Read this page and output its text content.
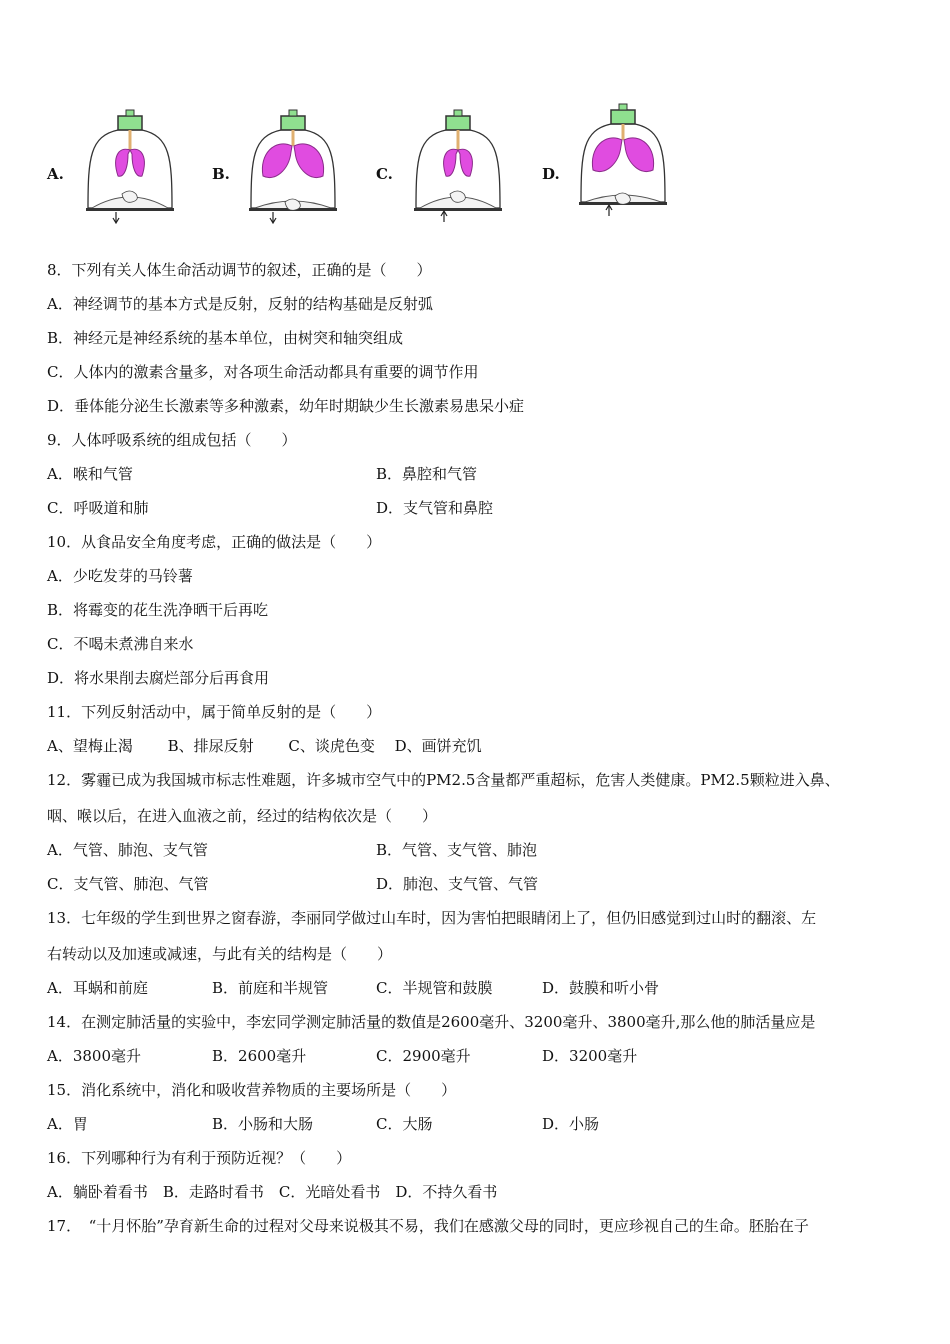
A.	B.	C.	D.
8．下列有关人体生命活动调节的叙述，正确的是（　　）
A．神经调节的基本方式是反射，反射的结构基础是反射弧
B．神经元是神经系统的基本单位，由树突和轴突组成
C．人体内的激素含量多，对各项生命活动都具有重要的调节作用
D．垂体能分泌生长激素等多种激素，幼年时期缺少生长激素易患呆小症
9．人体呼吸系统的组成包括（　　）
A．喉和气管	B．鼻腔和气管
C．呼吸道和肺	D．支气管和鼻腔
10．从食品安全角度考虑，正确的做法是（　　）
A．少吃发芽的马铃薯
B．将霉变的花生洗净晒干后再吃
C．不喝未煮沸自来水
D．将水果削去腐烂部分后再食用
11．下列反射活动中，属于简单反射的是（　　）
A、望梅止渴　　 B、排尿反射　　 C、谈虎色变　 D、画饼充饥
12．雾霾已成为我国城市标志性难题，许多城市空气中的PM2.5含量都严重超标，危害人类健康。PM2.5颗粒进入鼻、
咽、喉以后，在进入血液之前，经过的结构依次是（　　）
A．气管、肺泡、支气管	B．气管、支气管、肺泡
C．支气管、肺泡、气管	D．肺泡、支气管、气管
13．七年级的学生到世界之窗春游，李丽同学做过山车时，因为害怕把眼睛闭上了，但仍旧感觉到过山时的翻滚、左
右转动以及加速或减速，与此有关的结构是（　　）
A．耳蜗和前庭	B．前庭和半规管	C．半规管和鼓膜	D．鼓膜和听小骨
14．在测定肺活量的实验中，李宏同学测定肺活量的数值是2600毫升、3200毫升、3800毫升,那么他的肺活量应是
A．3800毫升	B．2600毫升	C．2900毫升	D．3200毫升
15．消化系统中，消化和吸收营养物质的主要场所是（　　）
A．胃	B．小肠和大肠	C．大肠	D．小肠
16．下列哪种行为有利于预防近视？（　　）
A．躺卧着看书　B．走路时看书　C．光暗处看书　D．不持久看书
17．　“十月怀胎”孕育新生命的过程对父母来说极其不易，我们在感激父母的同时，更应珍视自己的生命。胚胎在子
